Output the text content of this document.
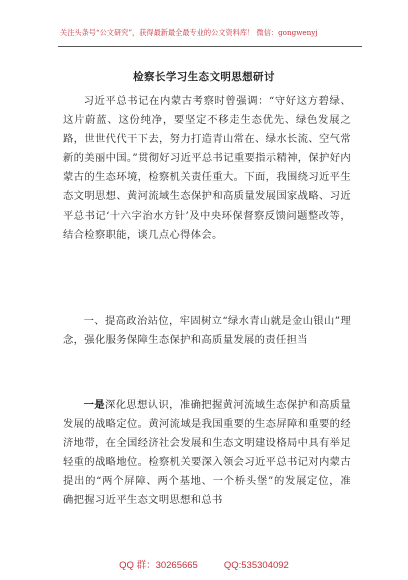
关注头条号“公文研究”，获得最新最全最专业的公文资料库！ 微信：gongwenyj
检察长学习生态文明思想研讨

习近平总书记在内蒙古考察时曾强调：“守好这方碧绿、这片蔚蓝、这份纯净，要坚定不移走生态优先、绿色发展之路，世世代代干下去，努力打造青山常在、绿水长流、空气常新的美丽中国。”贯彻好习近平总书记重要指示精神，保护好内蒙古的生态环境，检察机关责任重大。下面，我围绕习近平生态文明思想、黄河流域生态保护和高质量发展国家战略、习近平总书记‘十六字治水方针’及中央环保督察反馈问题整改等，结合检察职能，谈几点心得体会。

一、提高政治站位，牢固树立“绿水青山就是金山银山”理念，强化服务保障生态保护和高质量发展的责任担当

一是深化思想认识，准确把握黄河流域生态保护和高质量发展的战略定位。黄河流域是我国重要的生态屏障和重要的经济地带，在全国经济社会发展和生态文明建设格局中具有举足轻重的战略地位。检察机关要深入领会习近平总书记对内蒙古提出的“两个屏障、两个基地、一个桥头堡”的发展定位，准确把握习近平生态文明思想和总书

QQ 群：30265665	QQ:535304092
